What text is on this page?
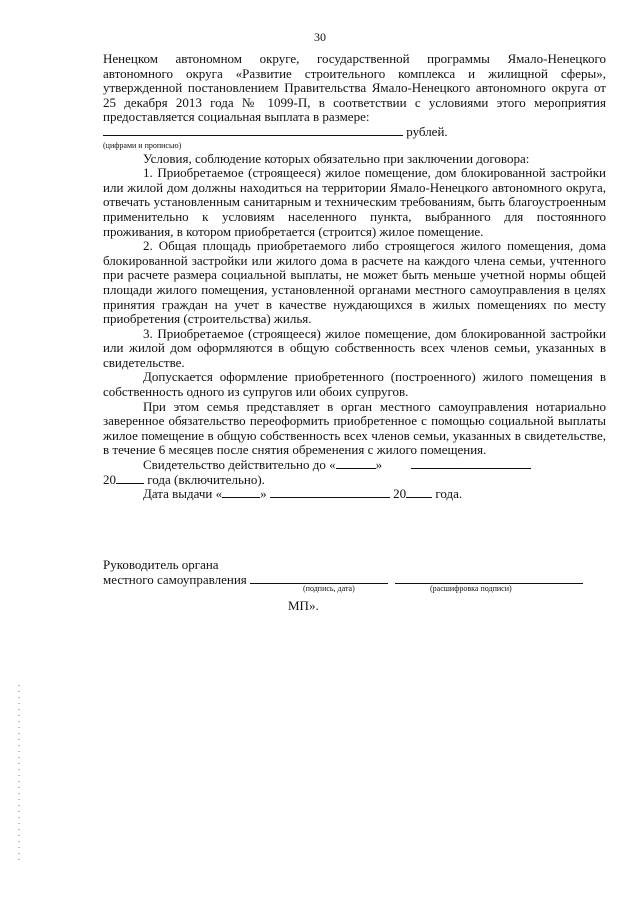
30

Ненецком автономном округе, государственной программы Ямало-Ненецкого автономного округа «Развитие строительного комплекса и жилищной сферы», утвержденной постановлением Правительства Ямало-Ненецкого автономного округа от 25 декабря 2013 года № 1099-П, в соответствии с условиями этого мероприятия предоставляется социальная выплата в размере:

рублей.

(цифрами и прописью)

Условия, соблюдение которых обязательно при заключении договора:

1. Приобретаемое (строящееся) жилое помещение, дом блокированной застройки или жилой дом должны находиться на территории Ямало-Ненецкого автономного округа, отвечать установленным санитарным и техническим требованиям, быть благоустроенным применительно к условиям населенного пункта, выбранного для постоянного проживания, в котором приобретается (строится) жилое помещение.

2. Общая площадь приобретаемого либо строящегося жилого помещения, дома блокированной застройки или жилого дома в расчете на каждого члена семьи, учтенного при расчете размера социальной выплаты, не может быть меньше учетной нормы общей площади жилого помещения, установленной органами местного самоуправления в целях принятия граждан на учет в качестве нуждающихся в жилых помещениях по месту приобретения (строительства) жилья.

3. Приобретаемое (строящееся) жилое помещение, дом блокированной застройки или жилой дом оформляются в общую собственность всех членов семьи, указанных в свидетельстве.

Допускается оформление приобретенного (построенного) жилого помещения в собственность одного из супругов или обоих супругов.

При этом семья представляет в орган местного самоуправления нотариально заверенное обязательство переоформить приобретенное с помощью социальной выплаты жилое помещение в общую собственность всех членов семьи, указанных в свидетельстве, в течение 6 месяцев после снятия обременения с жилого помещения.

Свидетельство действительно до «	»

20 года (включительно).

Дата выдачи «	»	20 года.

Руководитель органа
местного самоуправления
(подпись, дата)	(расшифровка подписи)
МП».
